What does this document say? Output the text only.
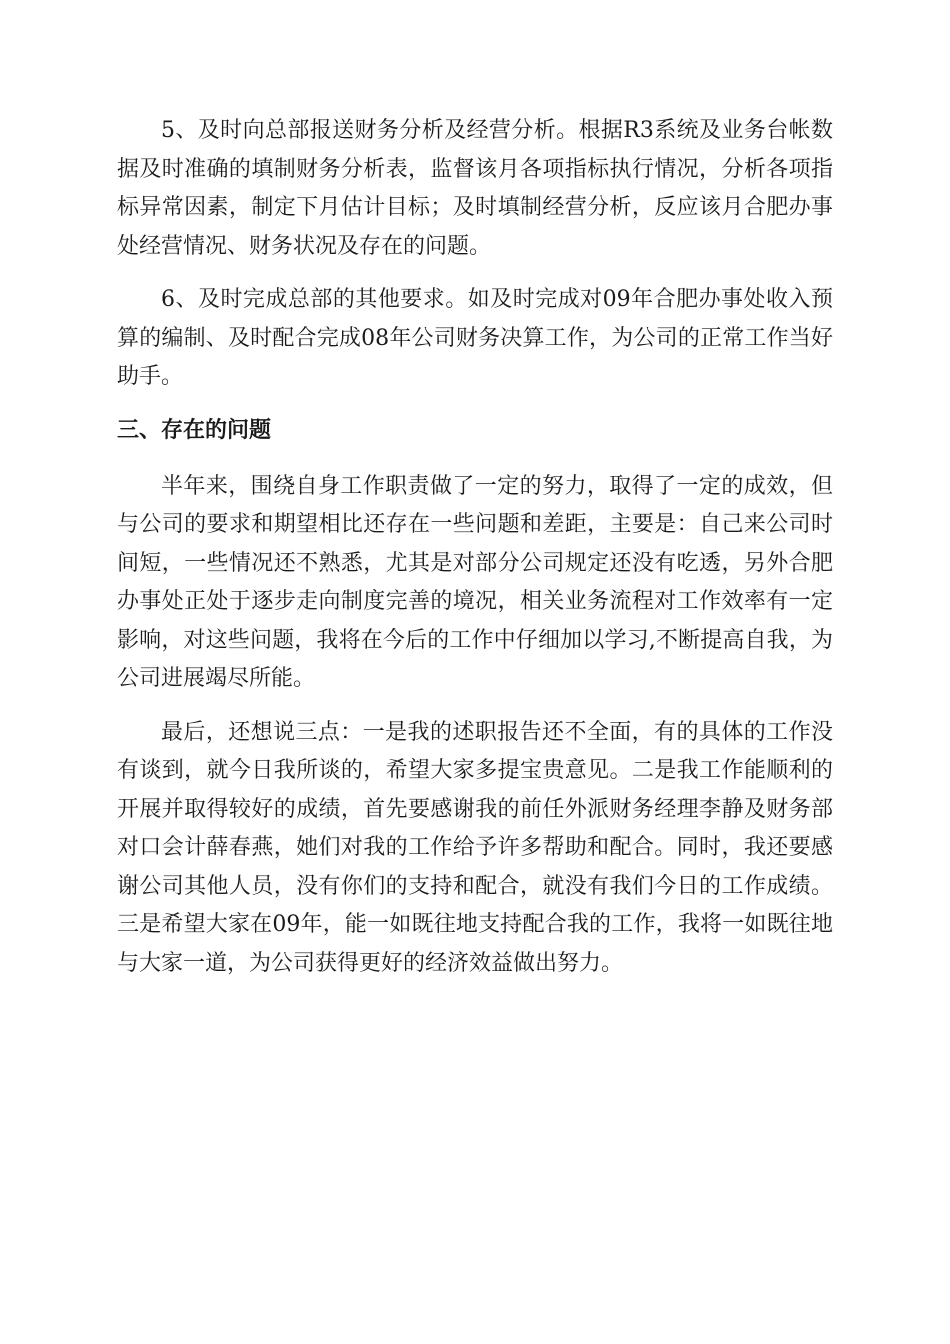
5、及时向总部报送财务分析及经营分析。根据R3系统及业务台帐数据及时准确的填制财务分析表，监督该月各项指标执行情况，分析各项指标异常因素，制定下月估计目标；及时填制经营分析，反应该月合肥办事处经营情况、财务状况及存在的问题。

6、及时完成总部的其他要求。如及时完成对09年合肥办事处收入预算的编制、及时配合完成08年公司财务决算工作，为公司的正常工作当好助手。

三、存在的问题

半年来，围绕自身工作职责做了一定的努力，取得了一定的成效，但与公司的要求和期望相比还存在一些问题和差距，主要是：自己来公司时间短，一些情况还不熟悉，尤其是对部分公司规定还没有吃透，另外合肥办事处正处于逐步走向制度完善的境况，相关业务流程对工作效率有一定影响，对这些问题，我将在今后的工作中仔细加以学习,不断提高自我，为公司进展竭尽所能。

最后，还想说三点：一是我的述职报告还不全面，有的具体的工作没有谈到，就今日我所谈的，希望大家多提宝贵意见。二是我工作能顺利的开展并取得较好的成绩，首先要感谢我的前任外派财务经理李静及财务部对口会计薛春燕，她们对我的工作给予许多帮助和配合。同时，我还要感谢公司其他人员，没有你们的支持和配合，就没有我们今日的工作成绩。三是希望大家在09年，能一如既往地支持配合我的工作，我将一如既往地与大家一道，为公司获得更好的经济效益做出努力。
